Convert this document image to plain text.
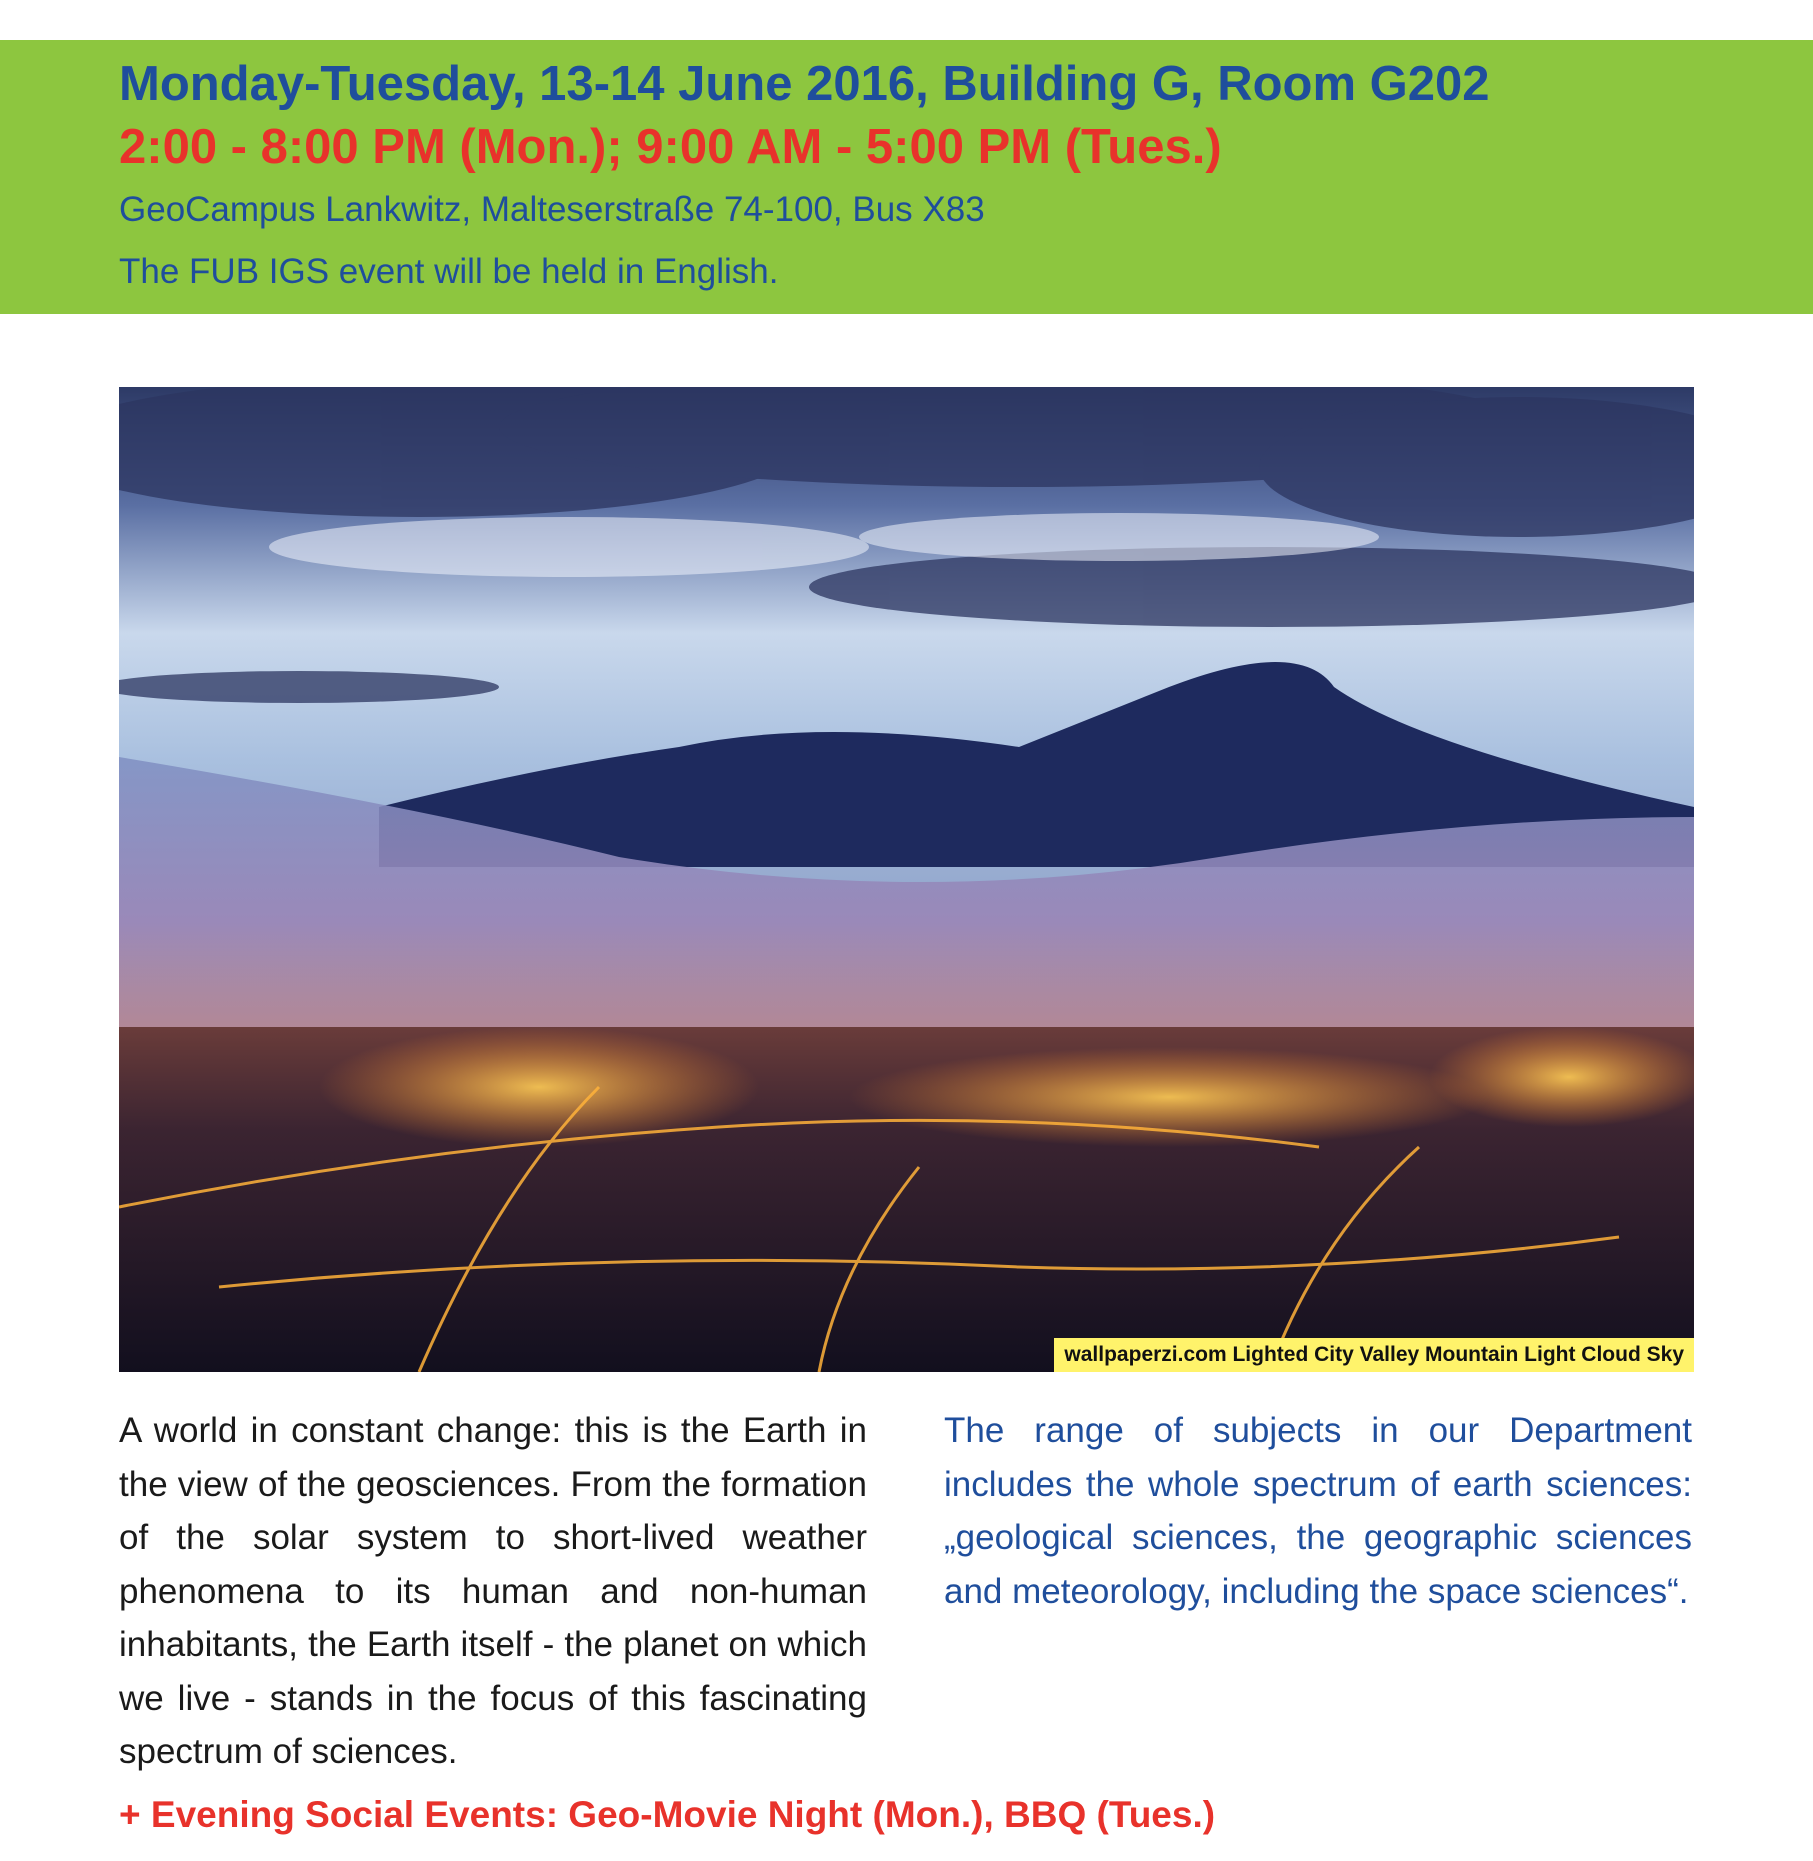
Monday-Tuesday, 13-14 June 2016, Building G, Room G202
2:00 - 8:00 PM (Mon.); 9:00 AM - 5:00 PM (Tues.)
GeoCampus Lankwitz, Malteserstraße 74-100, Bus X83
The FUB IGS event will be held in English.
wallpaperzi.com Lighted City Valley Mountain Light Cloud Sky
A world in constant change: this is the Earth in the view of the geosciences. From the formation of the solar system to short-lived weather phenomena to its human and non-human inhabitants, the Earth itself - the planet on which we live - stands in the focus of this fascinating spectrum of sciences.
The range of subjects in our Department includes the whole spectrum of earth sciences: „geological sciences, the geographic sciences and meteorology, including the space sciences“.
+ Evening Social Events: Geo-Movie Night (Mon.), BBQ (Tues.)
